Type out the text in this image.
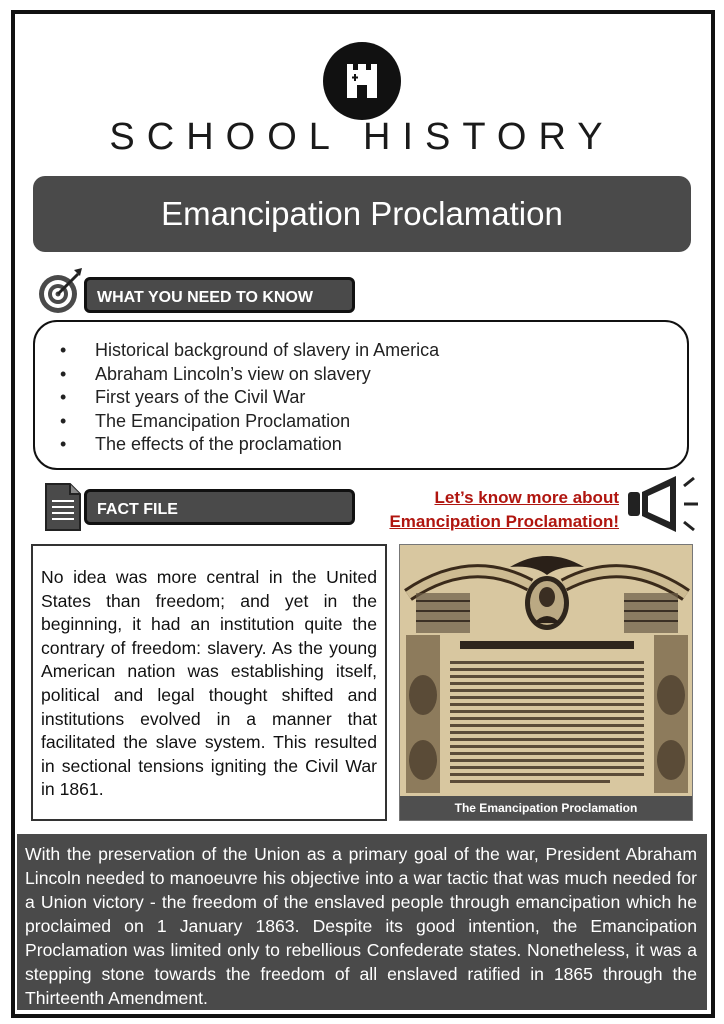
SCHOOL HISTORY
Emancipation Proclamation
WHAT YOU NEED TO KNOW
• Historical background of slavery in America
• Abraham Lincoln’s view on slavery
• First years of the Civil War
• The Emancipation Proclamation
• The effects of the proclamation
FACT FILE
Let’s know more about
Emancipation Proclamation!

No idea was more central in the United States than freedom; and yet in the beginning, it had an institution quite the contrary of freedom: slavery. As the young American nation was establishing itself, political and legal thought shifted and institutions evolved in a manner that facilitated the slave system. This resulted in sectional tensions igniting the Civil War in 1861.

The Emancipation Proclamation

With the preservation of the Union as a primary goal of the war, President Abraham Lincoln needed to manoeuvre his objective into a war tactic that was much needed for a Union victory - the freedom of the enslaved people through emancipation which he proclaimed on 1 January 1863. Despite its good intention, the Emancipation Proclamation was limited only to rebellious Confederate states. Nonetheless, it was a stepping stone towards the freedom of all enslaved ratified in 1865 through the Thirteenth Amendment.
